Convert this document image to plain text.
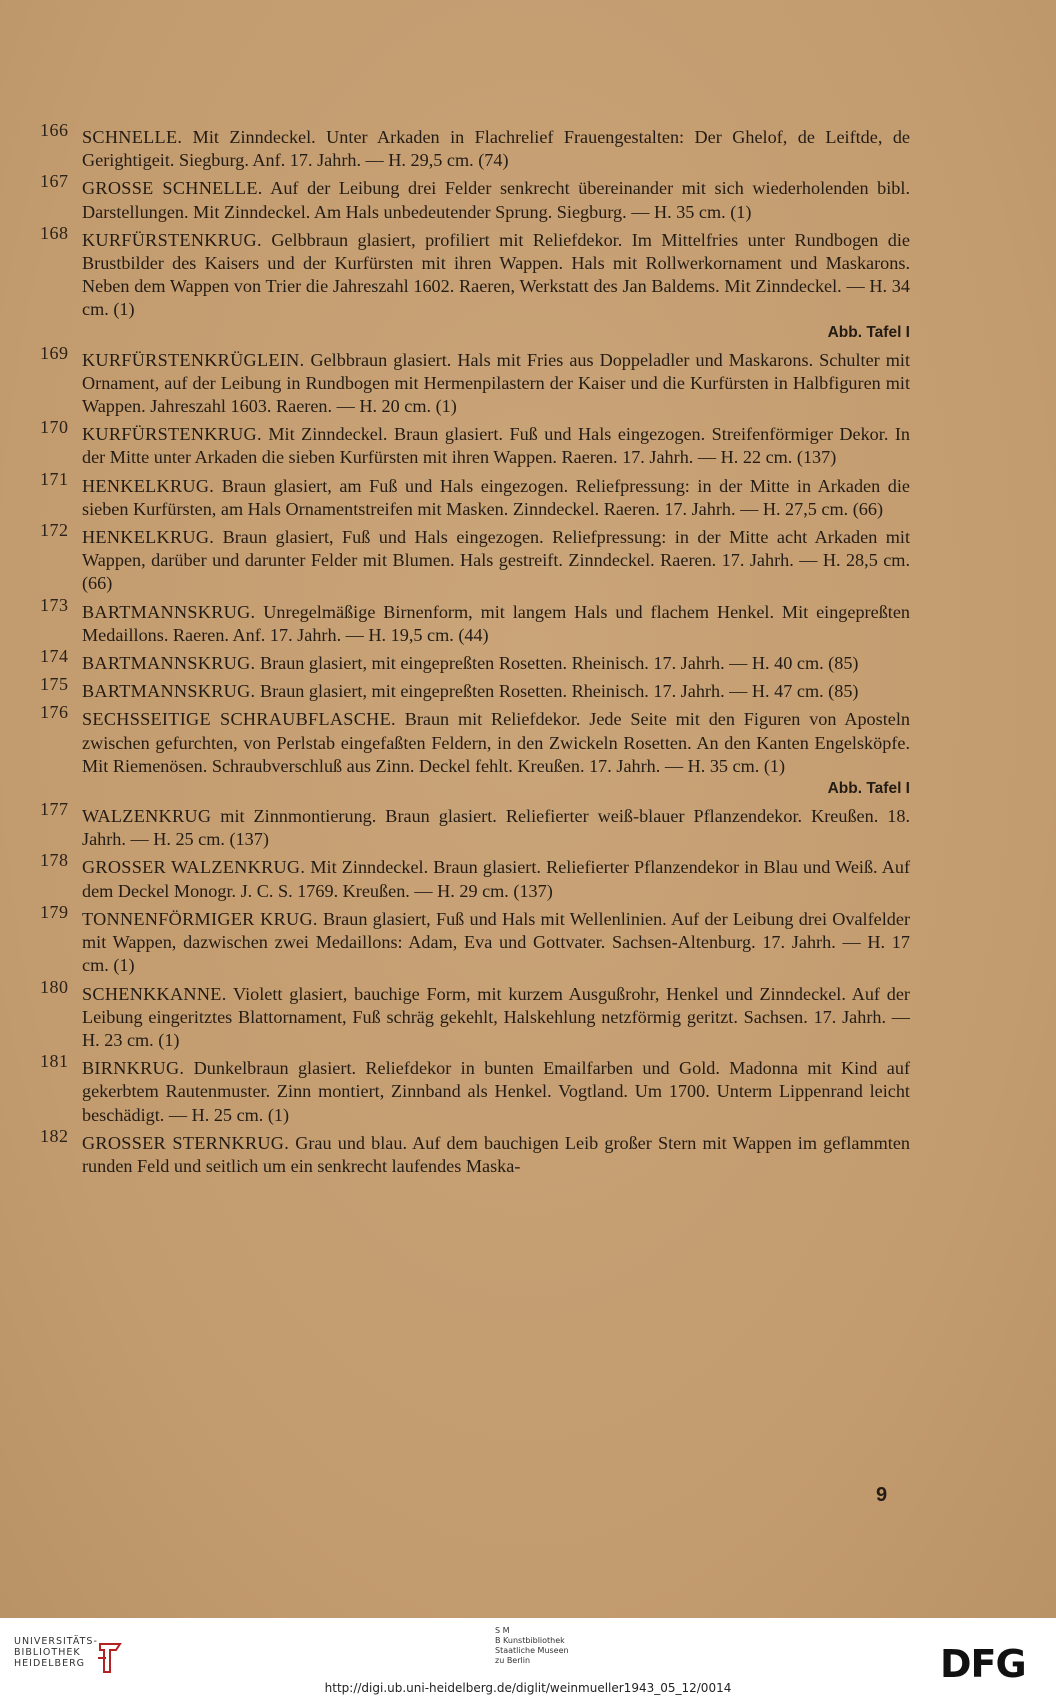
166 SCHNELLE. Mit Zinndeckel. Unter Arkaden in Flachrelief Frauengestalten: Der Ghelof, de Leiftde, de Gerightigeit. Siegburg. Anf. 17. Jahrh. — H. 29,5 cm. (74)
167 GROSSE SCHNELLE. Auf der Leibung drei Felder senkrecht übereinander mit sich wiederholenden bibl. Darstellungen. Mit Zinndeckel. Am Hals unbedeutender Sprung. Siegburg. — H. 35 cm. (1)
168 KURFÜRSTENKRUG. Gelbbraun glasiert, profiliert mit Reliefdekor. Im Mittelfries unter Rundbogen die Brustbilder des Kaisers und der Kurfürsten mit ihren Wappen. Hals mit Rollwerkornament und Maskarons. Neben dem Wappen von Trier die Jahreszahl 1602. Raeren, Werkstatt des Jan Baldems. Mit Zinndeckel. — H. 34 cm. (1)
Abb. Tafel I
169 KURFÜRSTENKRÜGLEIN. Gelbbraun glasiert. Hals mit Fries aus Doppeladler und Maskarons. Schulter mit Ornament, auf der Leibung in Rundbogen mit Hermenpilastern der Kaiser und die Kurfürsten in Halbfiguren mit Wappen. Jahreszahl 1603. Raeren. — H. 20 cm. (1)
170 KURFÜRSTENKRUG. Mit Zinndeckel. Braun glasiert. Fuß und Hals eingezogen. Streifenförmiger Dekor. In der Mitte unter Arkaden die sieben Kurfürsten mit ihren Wappen. Raeren. 17. Jahrh. — H. 22 cm. (137)
171 HENKELKRUG. Braun glasiert, am Fuß und Hals eingezogen. Reliefpressung: in der Mitte in Arkaden die sieben Kurfürsten, am Hals Ornamentstreifen mit Masken. Zinndeckel. Raeren. 17. Jahrh. — H. 27,5 cm. (66)
172 HENKELKRUG. Braun glasiert, Fuß und Hals eingezogen. Reliefpressung: in der Mitte acht Arkaden mit Wappen, darüber und darunter Felder mit Blumen. Hals gestreift. Zinndeckel. Raeren. 17. Jahrh. — H. 28,5 cm. (66)
173 BARTMANNSKRUG. Unregelmäßige Birnenform, mit langem Hals und flachem Henkel. Mit eingepreßten Medaillons. Raeren. Anf. 17. Jahrh. — H. 19,5 cm. (44)
174 BARTMANNSKRUG. Braun glasiert, mit eingepreßten Rosetten. Rheinisch. 17. Jahrh. — H. 40 cm. (85)
175 BARTMANNSKRUG. Braun glasiert, mit eingepreßten Rosetten. Rheinisch. 17. Jahrh. — H. 47 cm. (85)
176 SECHSSEITIGE SCHRAUBFLASCHE. Braun mit Reliefdekor. Jede Seite mit den Figuren von Aposteln zwischen gefurchten, von Perlstab eingefaßten Feldern, in den Zwickeln Rosetten. An den Kanten Engelsköpfe. Mit Riemenösen. Schraubverschluß aus Zinn. Deckel fehlt. Kreußen. 17. Jahrh. — H. 35 cm. (1)
Abb. Tafel I
177 WALZENKRUG mit Zinnmontierung. Braun glasiert. Reliefierter weiß-blauer Pflanzendekor. Kreußen. 18. Jahrh. — H. 25 cm. (137)
178 GROSSER WALZENKRUG. Mit Zinndeckel. Braun glasiert. Reliefierter Pflanzendekor in Blau und Weiß. Auf dem Deckel Monogr. J. C. S. 1769. Kreußen. — H. 29 cm. (137)
179 TONNENFÖRMIGER KRUG. Braun glasiert, Fuß und Hals mit Wellenlinien. Auf der Leibung drei Ovalfelder mit Wappen, dazwischen zwei Medaillons: Adam, Eva und Gottvater. Sachsen-Altenburg. 17. Jahrh. — H. 17 cm. (1)
180 SCHENKKANNE. Violett glasiert, bauchige Form, mit kurzem Ausgußrohr, Henkel und Zinndeckel. Auf der Leibung eingeritztes Blattornament, Fuß schräg gekehlt, Halskehlung netzförmig geritzt. Sachsen. 17. Jahrh. — H. 23 cm. (1)
181 BIRNKRUG. Dunkelbraun glasiert. Reliefdekor in bunten Emailfarben und Gold. Madonna mit Kind auf gekerbtem Rautenmuster. Zinn montiert, Zinnband als Henkel. Vogtland. Um 1700. Unterm Lippenrand leicht beschädigt. — H. 25 cm. (1)
182 GROSSER STERNKRUG. Grau und blau. Auf dem bauchigen Leib großer Stern mit Wappen im geflammten runden Feld und seitlich um ein senkrecht laufendes Maska-
9
UNIVERSITÄTS-
BIBLIOTHEK
HEIDELBERG
S M
B Kunstbibliothek
Staatliche Museen
zu Berlin	DFG
http://digi.ub.uni-heidelberg.de/diglit/weinmueller1943_05_12/0014
